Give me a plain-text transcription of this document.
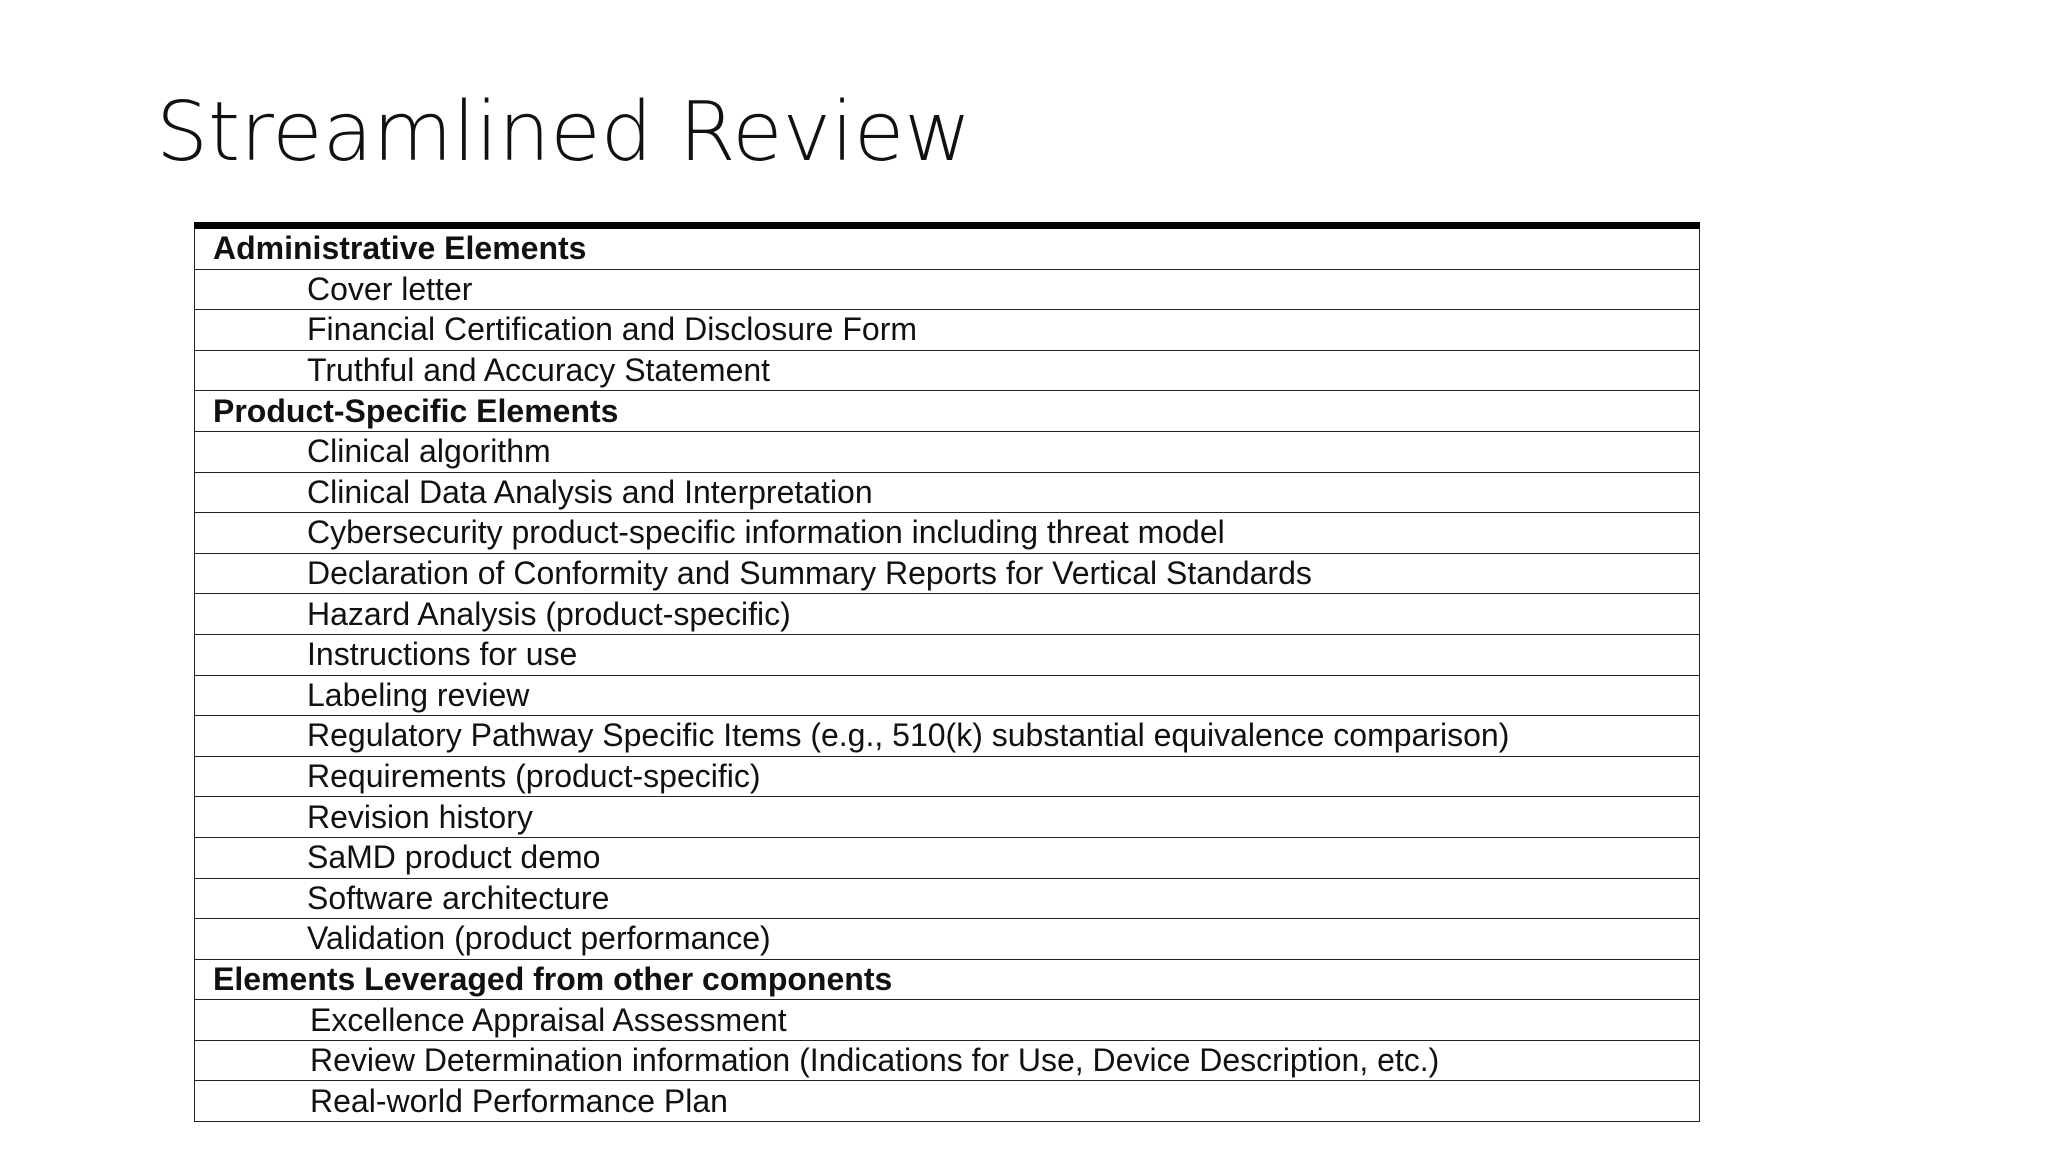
Streamlined Review
Administrative Elements
Cover letter
Financial Certification and Disclosure Form
Truthful and Accuracy Statement
Product-Specific Elements
Clinical algorithm
Clinical Data Analysis and Interpretation
Cybersecurity product-specific information including threat model
Declaration of Conformity and Summary Reports for Vertical Standards
Hazard Analysis (product-specific)
Instructions for use
Labeling review
Regulatory Pathway Specific Items (e.g., 510(k) substantial equivalence comparison)
Requirements (product-specific)
Revision history
SaMD product demo
Software architecture
Validation (product performance)
Elements Leveraged from other components
Excellence Appraisal Assessment
Review Determination information (Indications for Use, Device Description, etc.)
Real-world Performance Plan
